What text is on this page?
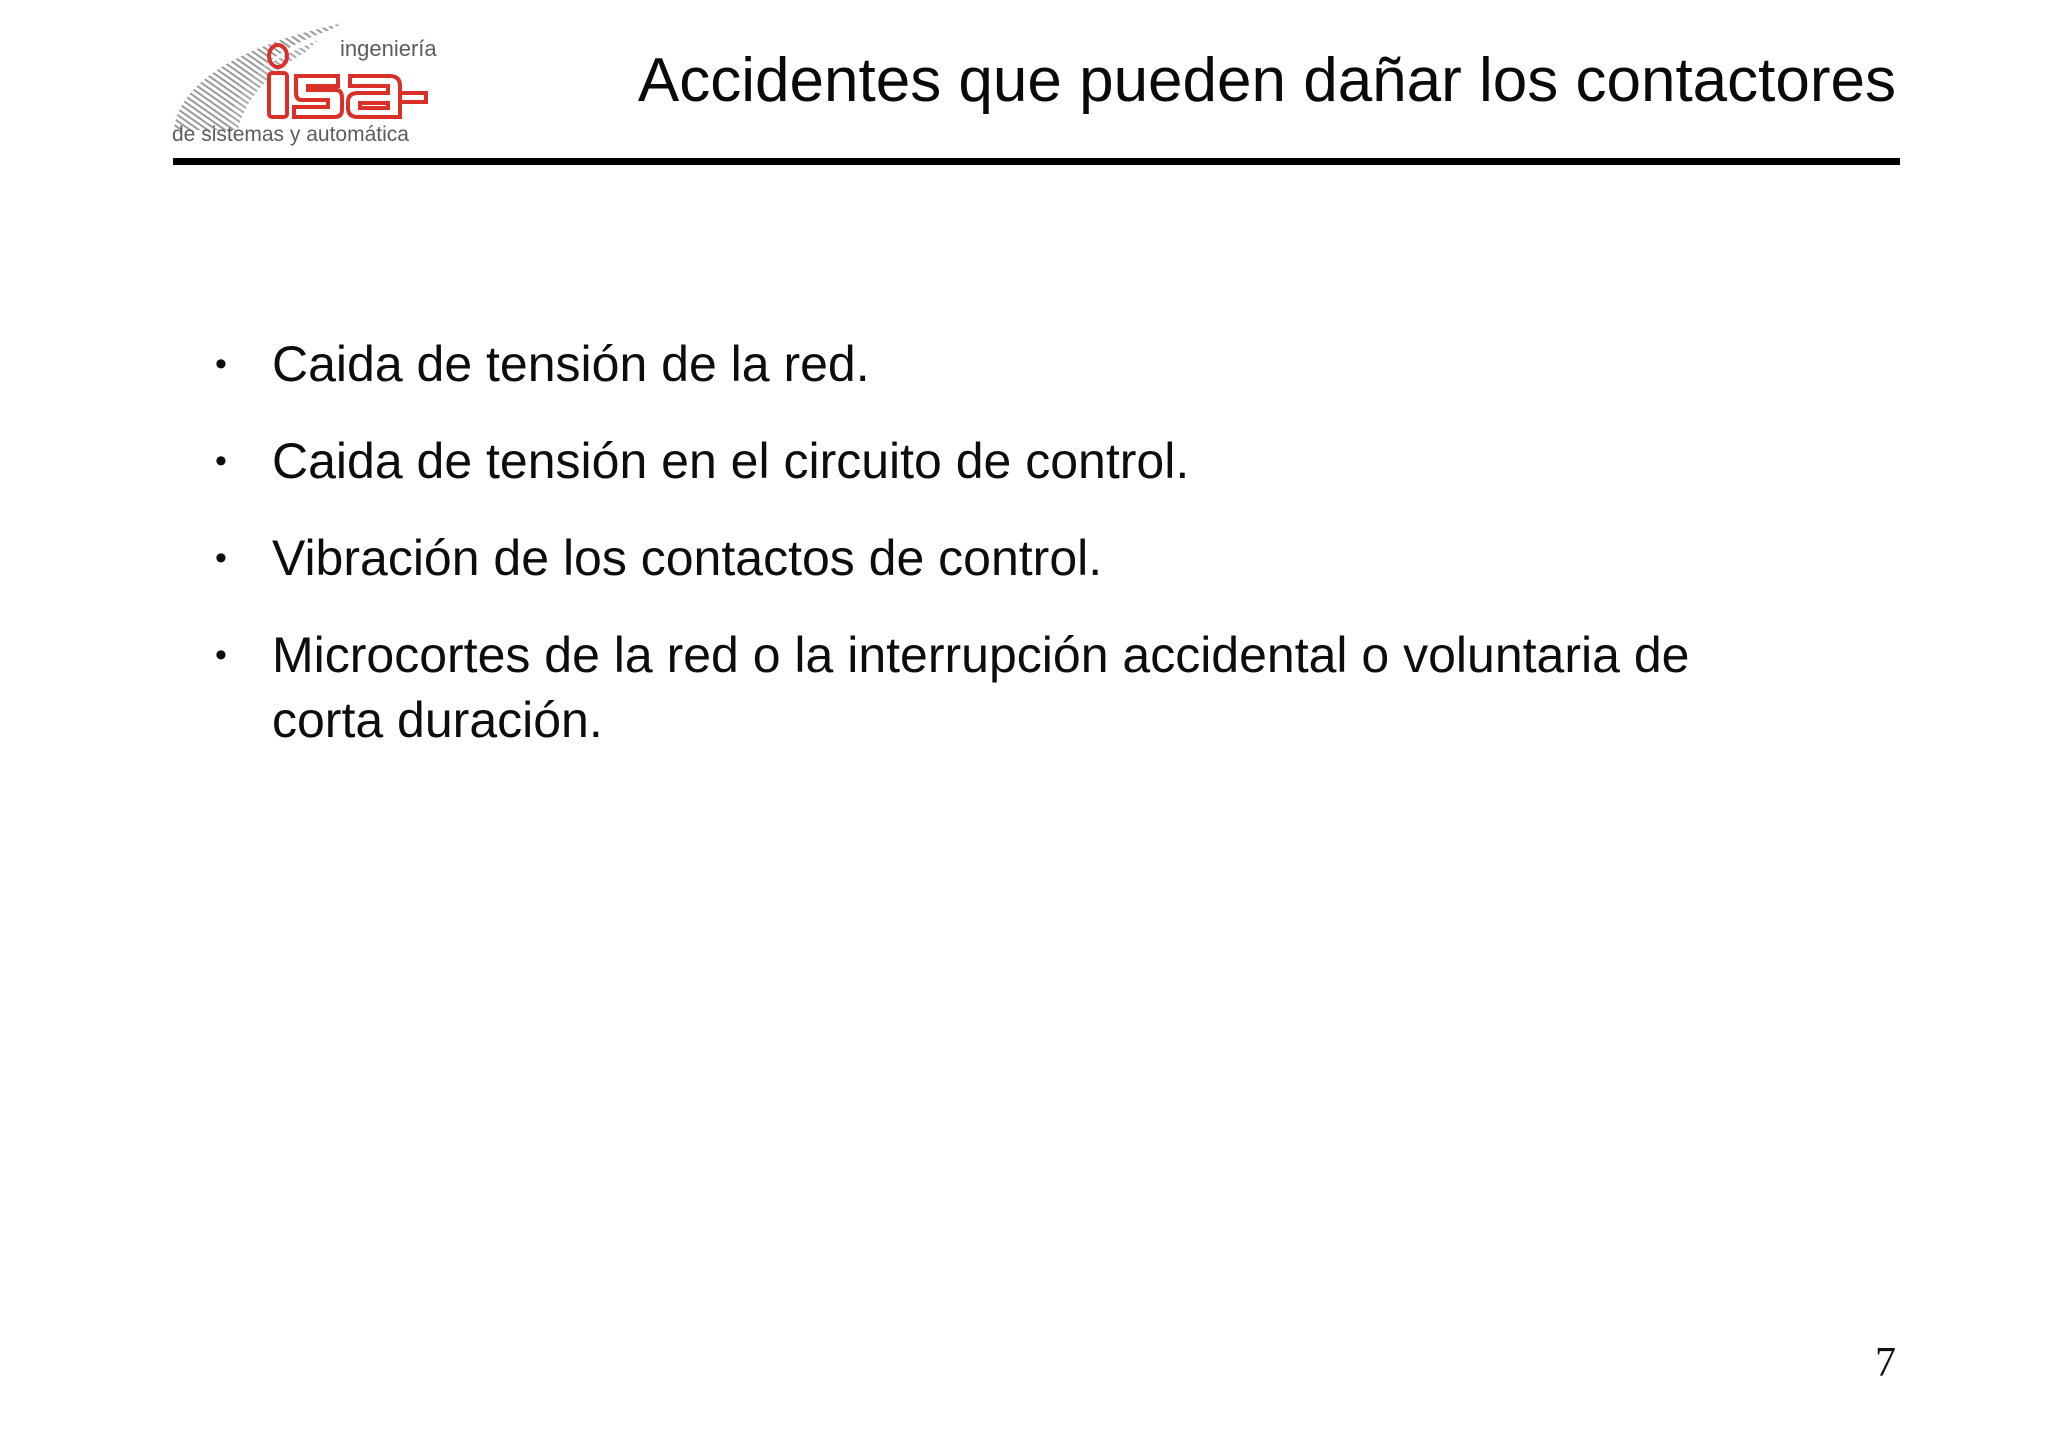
ingeniería
de sistemas y automática
Accidentes que pueden dañar los contactores
• Caida de tensión de la red.
• Caida de tensión en el circuito de control.
• Vibración de los contactos de control.
• Microcortes de la red o la interrupción accidental o voluntaria de corta duración.
7
